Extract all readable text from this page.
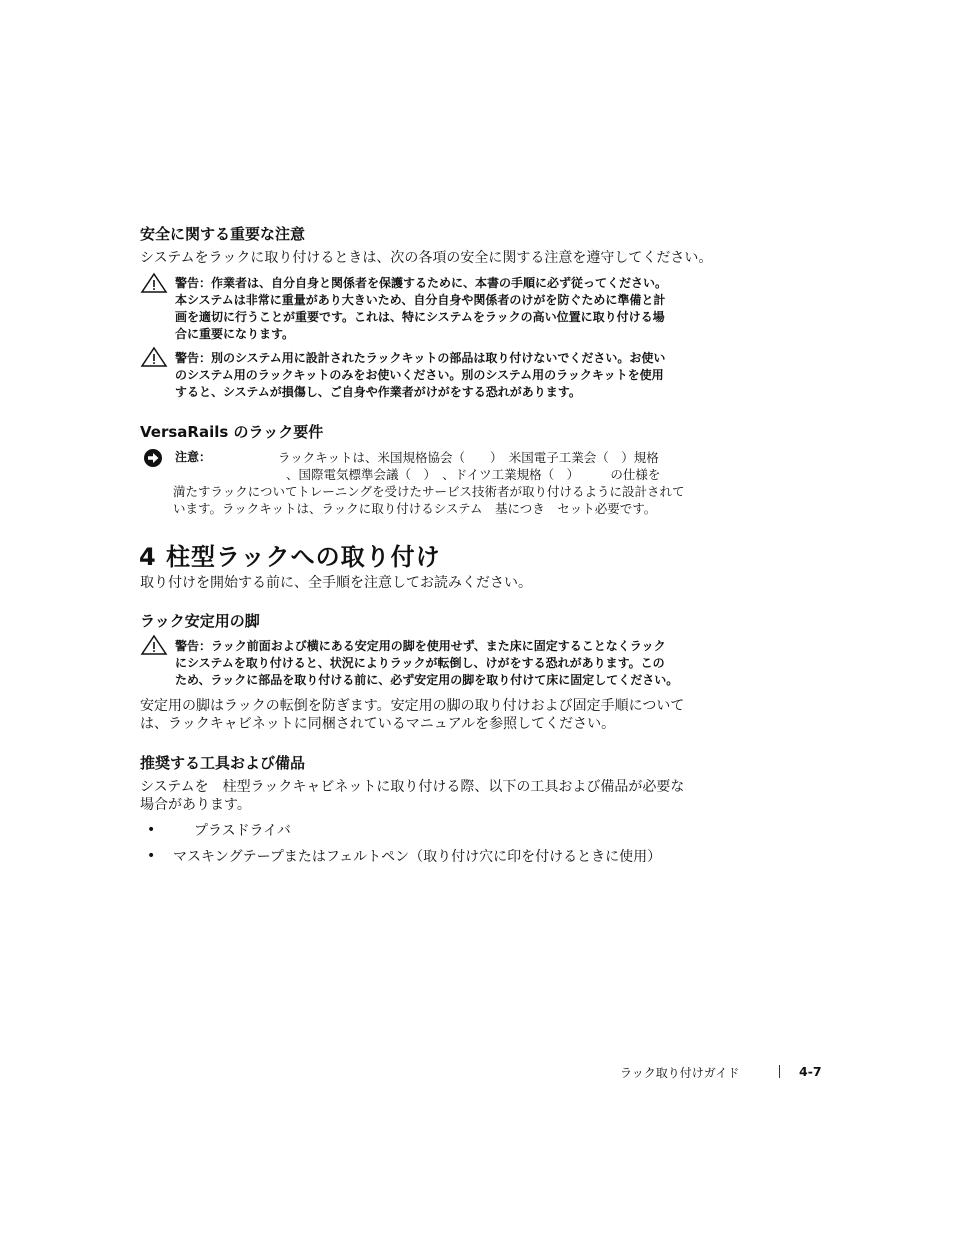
安全に関する重要な注意
システムをラックに取り付けるときは、次の各項の安全に関する注意を遵守してください。
警告：作業者は、自分自身と関係者を保護するために、本書の手順に必ず従ってください。
本システムは非常に重量があり大きいため、自分自身や関係者のけがを防ぐために準備と計
画を適切に行うことが重要です。これは、特にシステムをラックの高い位置に取り付ける場
合に重要になります。
警告：別のシステム用に設計されたラックキットの部品は取り付けないでください。お使い
のシステム用のラックキットのみをお使いください。別のシステム用のラックキットを使用
すると、システムが損傷し、ご自身や作業者がけがをする恐れがあります。
VersaRails のラック要件
注意：	ラックキットは、米国規格協会（　　）　米国電子工業会（　）規格
、国際電気標準会議（　）　、ドイツ工業規格（　）　　　の仕様を
満たすラックについてトレーニングを受けたサービス技術者が取り付けるように設計されて
います。ラックキットは、ラックに取り付けるシステム　基につき　セット必要です。
4 柱型ラックへの取り付け
取り付けを開始する前に、全手順を注意してお読みください。
ラック安定用の脚
警告：ラック前面および横にある安定用の脚を使用せず、また床に固定することなくラック
にシステムを取り付けると、状況によりラックが転倒し、けがをする恐れがあります。この
ため、ラックに部品を取り付ける前に、必ず安定用の脚を取り付けて床に固定してください。
安定用の脚はラックの転倒を防ぎます。安定用の脚の取り付けおよび固定手順について
は、ラックキャビネットに同梱されているマニュアルを参照してください。
推奨する工具および備品
システムを　柱型ラックキャビネットに取り付ける際、以下の工具および備品が必要な
場合があります。
•	プラスドライバ
• マスキングテープまたはフェルトペン（取り付け穴に印を付けるときに使用）
ラック取り付けガイド	4-7
